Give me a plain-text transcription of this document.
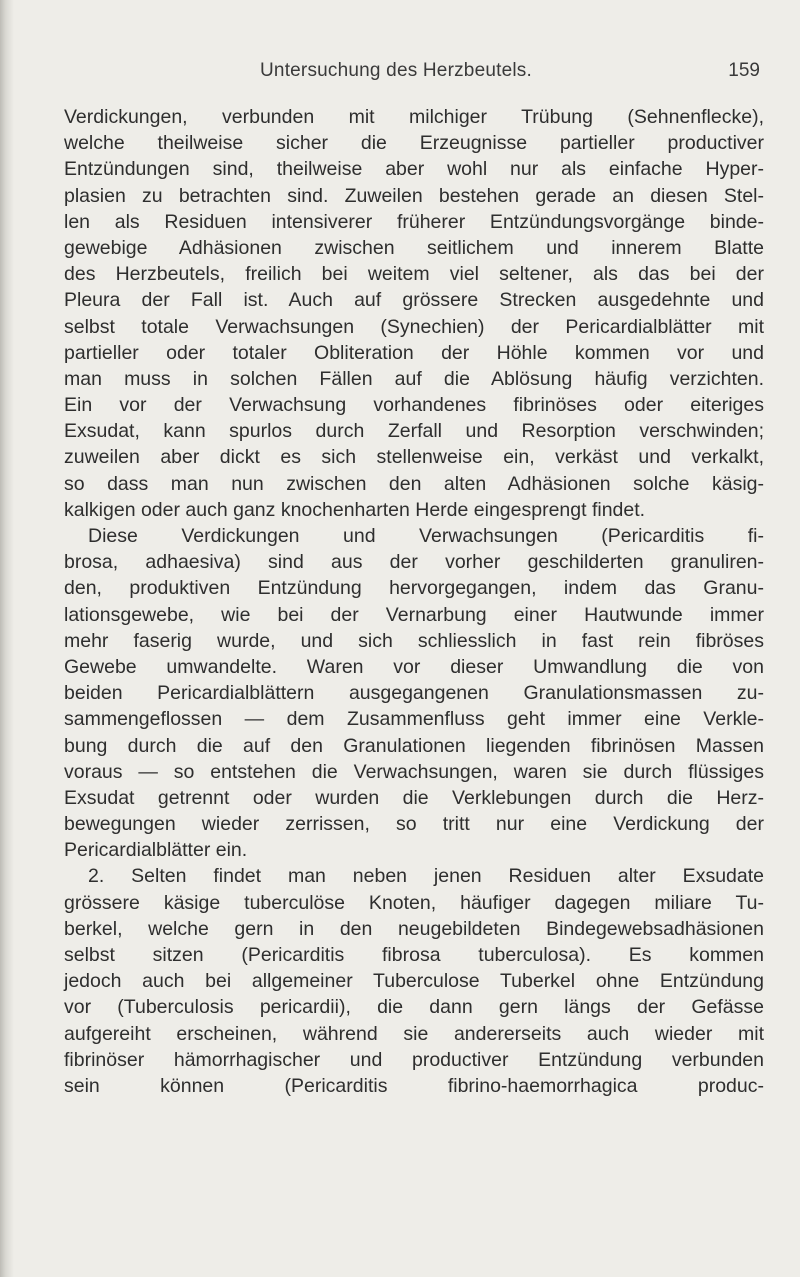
Untersuchung des Herzbeutels.	159
Verdickungen, verbunden mit milchiger Trübung (Sehnenflecke),
welche theilweise sicher die Erzeugnisse partieller productiver
Entzündungen sind, theilweise aber wohl nur als einfache Hyper-
plasien zu betrachten sind. Zuweilen bestehen gerade an diesen Stel-
len als Residuen intensiverer früherer Entzündungsvorgänge binde-
gewebige Adhäsionen zwischen seitlichem und innerem Blatte
des Herzbeutels, freilich bei weitem viel seltener, als das bei der
Pleura der Fall ist. Auch auf grössere Strecken ausgedehnte und
selbst totale Verwachsungen (Synechien) der Pericardialblätter mit
partieller oder totaler Obliteration der Höhle kommen vor und
man muss in solchen Fällen auf die Ablösung häufig verzichten.
Ein vor der Verwachsung vorhandenes fibrinöses oder eiteriges
Exsudat, kann spurlos durch Zerfall und Resorption verschwinden;
zuweilen aber dickt es sich stellenweise ein, verkäst und verkalkt,
so dass man nun zwischen den alten Adhäsionen solche käsig-
kalkigen oder auch ganz knochenharten Herde eingesprengt findet.
Diese Verdickungen und Verwachsungen (Pericarditis fi-
brosa, adhaesiva) sind aus der vorher geschilderten granuliren-
den, produktiven Entzündung hervorgegangen, indem das Granu-
lationsgewebe, wie bei der Vernarbung einer Hautwunde immer
mehr faserig wurde, und sich schliesslich in fast rein fibröses
Gewebe umwandelte. Waren vor dieser Umwandlung die von
beiden Pericardialblättern ausgegangenen Granulationsmassen zu-
sammengeflossen — dem Zusammenfluss geht immer eine Verkle-
bung durch die auf den Granulationen liegenden fibrinösen Massen
voraus — so entstehen die Verwachsungen, waren sie durch flüssiges
Exsudat getrennt oder wurden die Verklebungen durch die Herz-
bewegungen wieder zerrissen, so tritt nur eine Verdickung der
Pericardialblätter ein.
2. Selten findet man neben jenen Residuen alter Exsudate
grössere käsige tuberculöse Knoten, häufiger dagegen miliare Tu-
berkel, welche gern in den neugebildeten Bindegewebsadhäsionen
selbst sitzen (Pericarditis fibrosa tuberculosa). Es kommen
jedoch auch bei allgemeiner Tuberculose Tuberkel ohne Entzündung
vor (Tuberculosis pericardii), die dann gern längs der Gefässe
aufgereiht erscheinen, während sie andererseits auch wieder mit
fibrinöser hämorrhagischer und productiver Entzündung verbunden
sein können (Pericarditis fibrino-haemorrhagica produc-
